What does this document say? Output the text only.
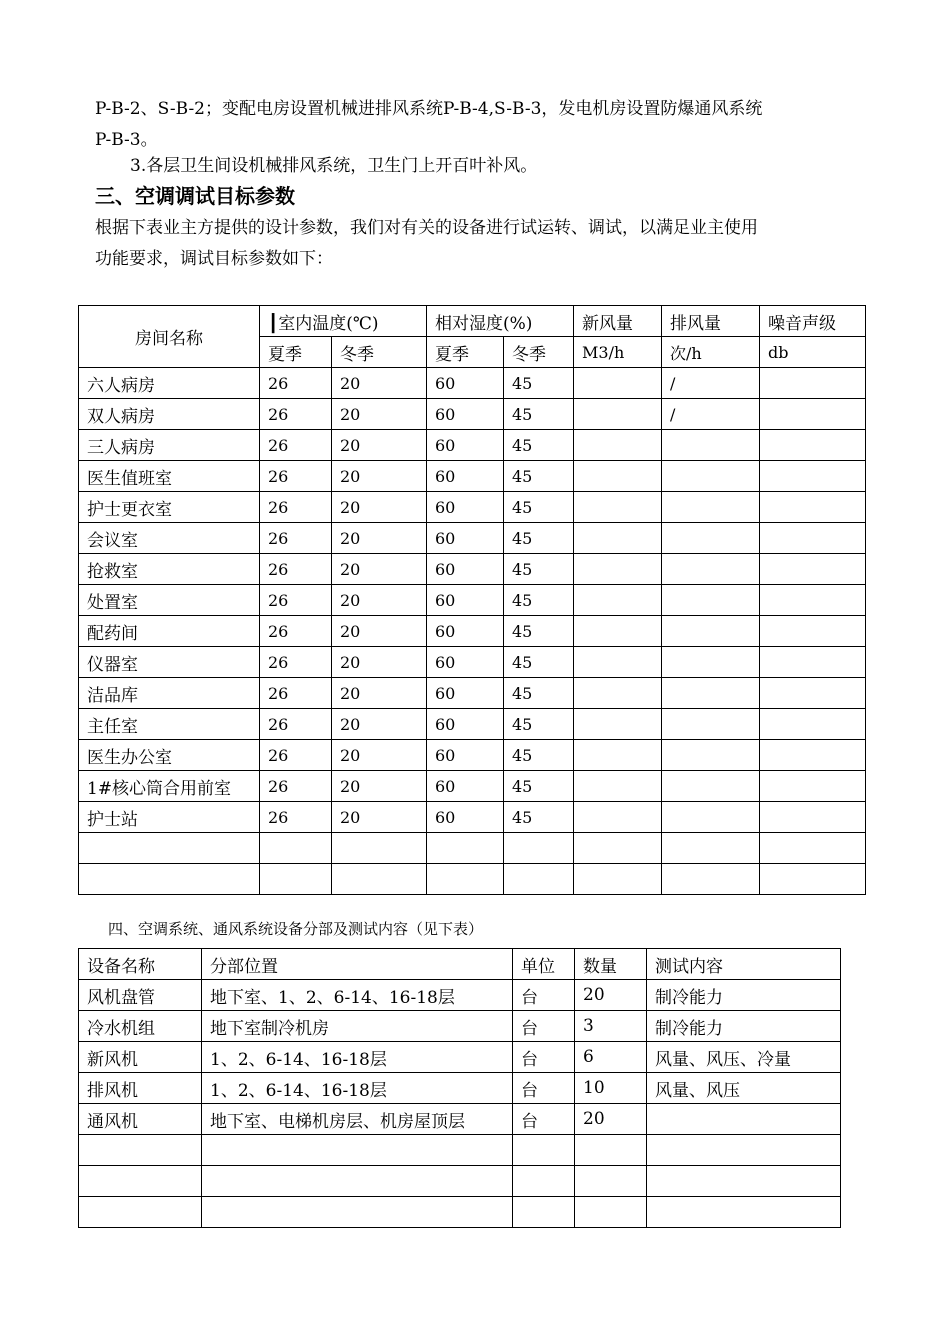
P-B-2、S-B-2；变配电房设置机械进排风系统P-B-4,S-B-3，发电机房设置防爆通风系统

P-B-3。

3.各层卫生间设机械排风系统，卫生门上开百叶补风。

三、空调调试目标参数

根据下表业主方提供的设计参数，我们对有关的设备进行试运转、调试，以满足业主使用

功能要求，调试目标参数如下：

房间名称	┃室内温度(℃)		相对湿度(%)		新风量	排风量	噪音声级
	夏季	冬季	夏季	冬季	M3/h	次/h	db
六人病房	26	20	60	45		/	
双人病房	26	20	60	45		/	
三人病房	26	20	60	45			
医生值班室	26	20	60	45			
护士更衣室	26	20	60	45			
会议室	26	20	60	45			
抢救室	26	20	60	45			
处置室	26	20	60	45			
配药间	26	20	60	45			
仪器室	26	20	60	45			
洁品库	26	20	60	45			
主任室	26	20	60	45			
医生办公室	26	20	60	45			
1#核心筒合用前室	26	20	60	45			
护士站	26	20	60	45			

四、空调系统、通风系统设备分部及测试内容（见下表）

设备名称	分部位置	单位	数量	测试内容
风机盘管	地下室、1、2、6-14、16-18层	台	20	制冷能力
冷水机组	地下室制冷机房	台	3	制冷能力
新风机	1、2、6-14、16-18层	台	6	风量、风压、冷量
排风机	1、2、6-14、16-18层	台	10	风量、风压
通风机	地下室、电梯机房层、机房屋顶层	台	20	
